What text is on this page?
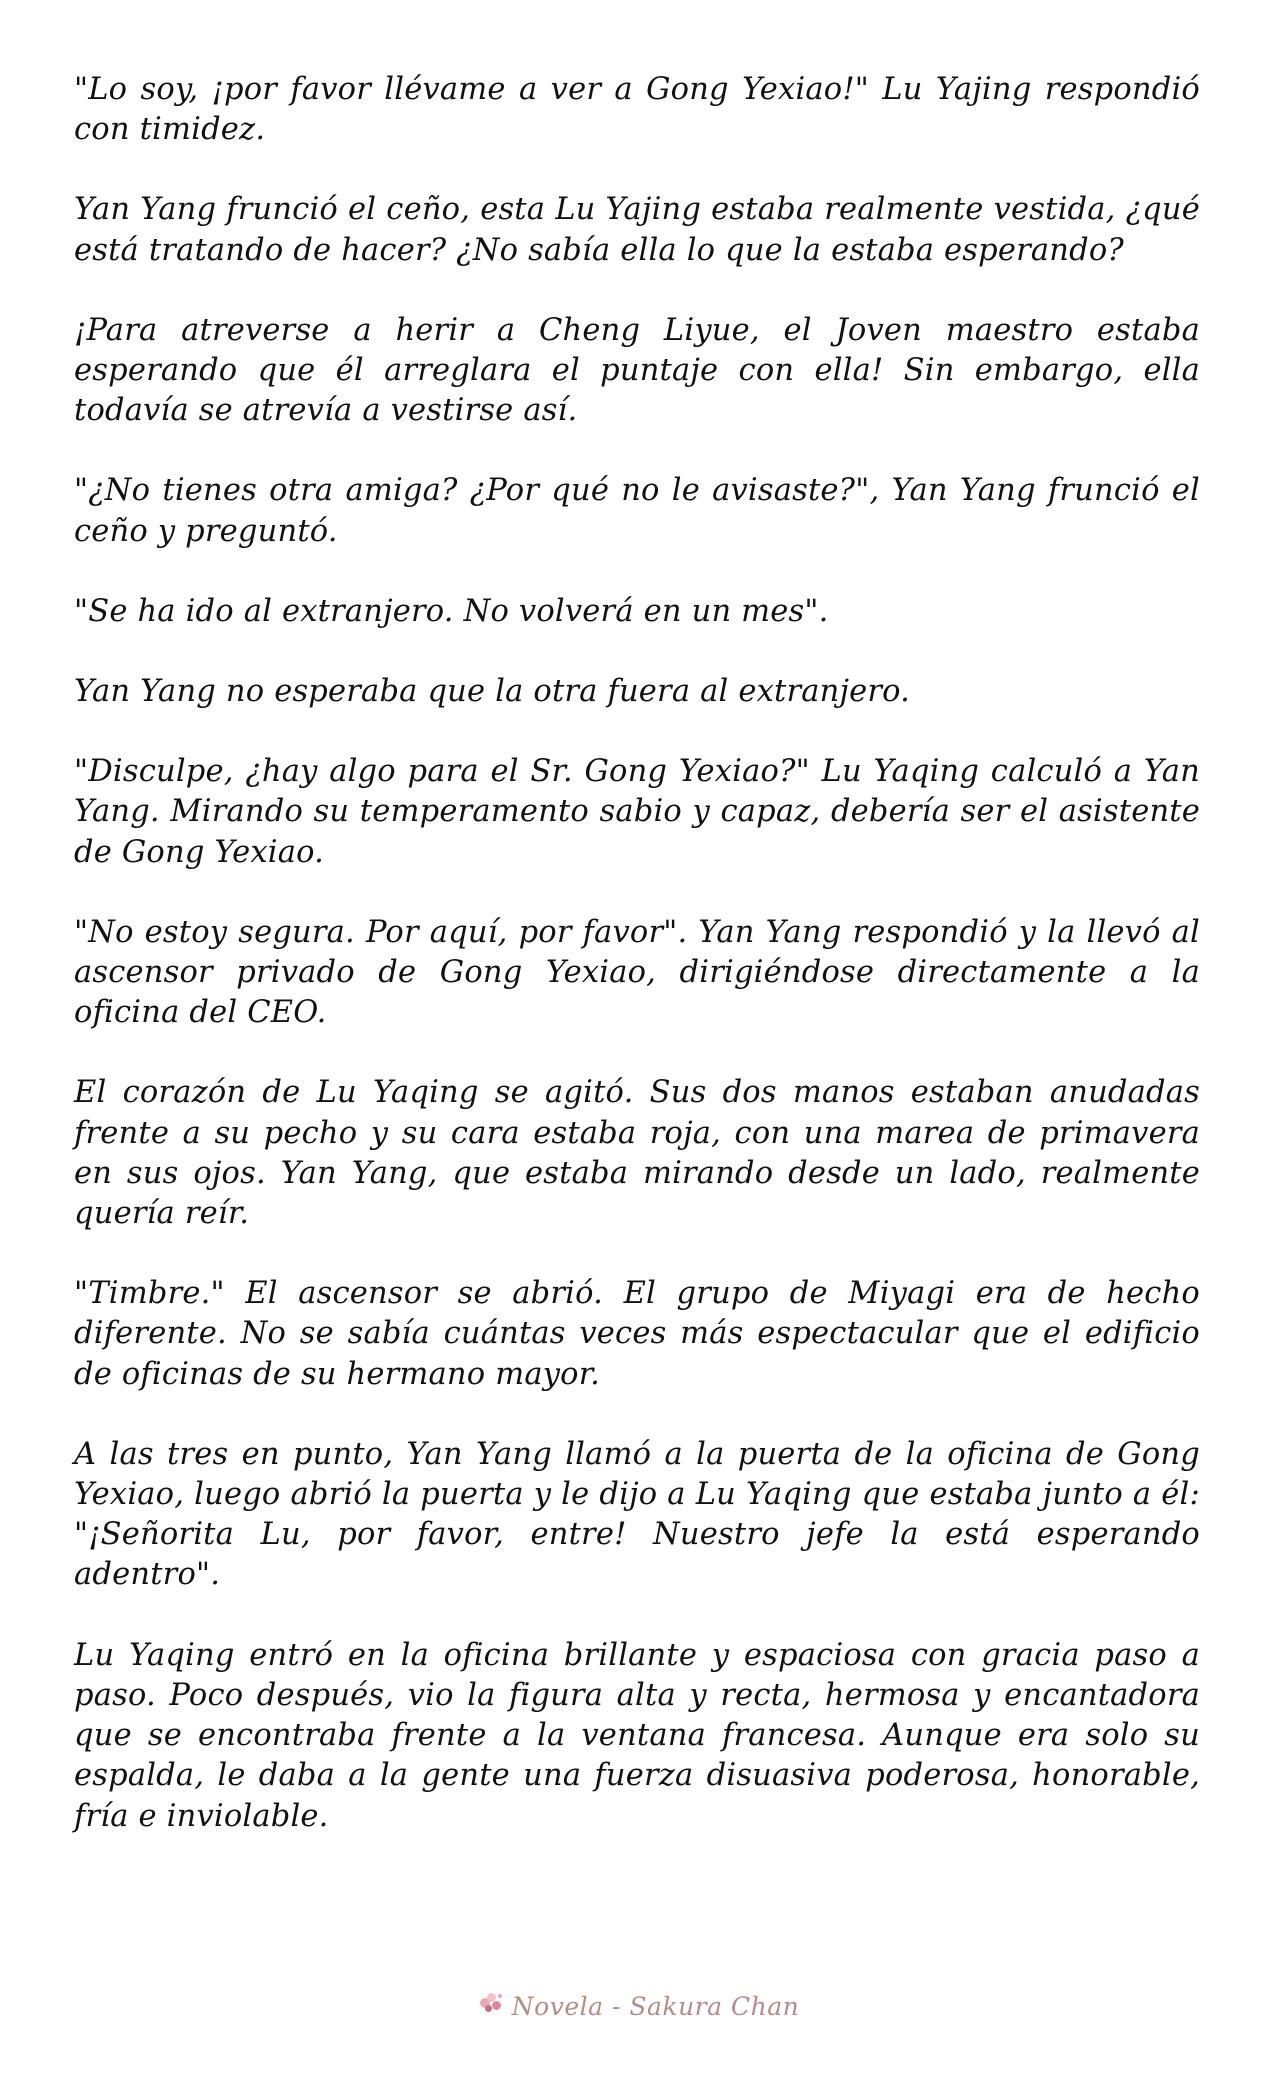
"Lo soy, ¡por favor llévame a ver a Gong Yexiao!" Lu Yajing respondió con timidez.

Yan Yang frunció el ceño, esta Lu Yajing estaba realmente vestida, ¿qué está tratando de hacer? ¿No sabía ella lo que la estaba esperando?

¡Para atreverse a herir a Cheng Liyue, el Joven maestro estaba esperando que él arreglara el puntaje con ella! Sin embargo, ella todavía se atrevía a vestirse así.

"¿No tienes otra amiga? ¿Por qué no le avisaste?", Yan Yang frunció el ceño y preguntó.

"Se ha ido al extranjero. No volverá en un mes".

Yan Yang no esperaba que la otra fuera al extranjero.

"Disculpe, ¿hay algo para el Sr. Gong Yexiao?" Lu Yaqing calculó a Yan Yang. Mirando su temperamento sabio y capaz, debería ser el asistente de Gong Yexiao.

"No estoy segura. Por aquí, por favor". Yan Yang respondió y la llevó al ascensor privado de Gong Yexiao, dirigiéndose directamente a la oficina del CEO.

El corazón de Lu Yaqing se agitó. Sus dos manos estaban anudadas frente a su pecho y su cara estaba roja, con una marea de primavera en sus ojos. Yan Yang, que estaba mirando desde un lado, realmente quería reír.

"Timbre." El ascensor se abrió. El grupo de Miyagi era de hecho diferente. No se sabía cuántas veces más espectacular que el edificio de oficinas de su hermano mayor.

A las tres en punto, Yan Yang llamó a la puerta de la oficina de Gong Yexiao, luego abrió la puerta y le dijo a Lu Yaqing que estaba junto a él: "¡Señorita Lu, por favor, entre! Nuestro jefe la está esperando adentro".

Lu Yaqing entró en la oficina brillante y espaciosa con gracia paso a paso. Poco después, vio la figura alta y recta, hermosa y encantadora que se encontraba frente a la ventana francesa. Aunque era solo su espalda, le daba a la gente una fuerza disuasiva poderosa, honorable, fría e inviolable.

Novela - Sakura Chan
